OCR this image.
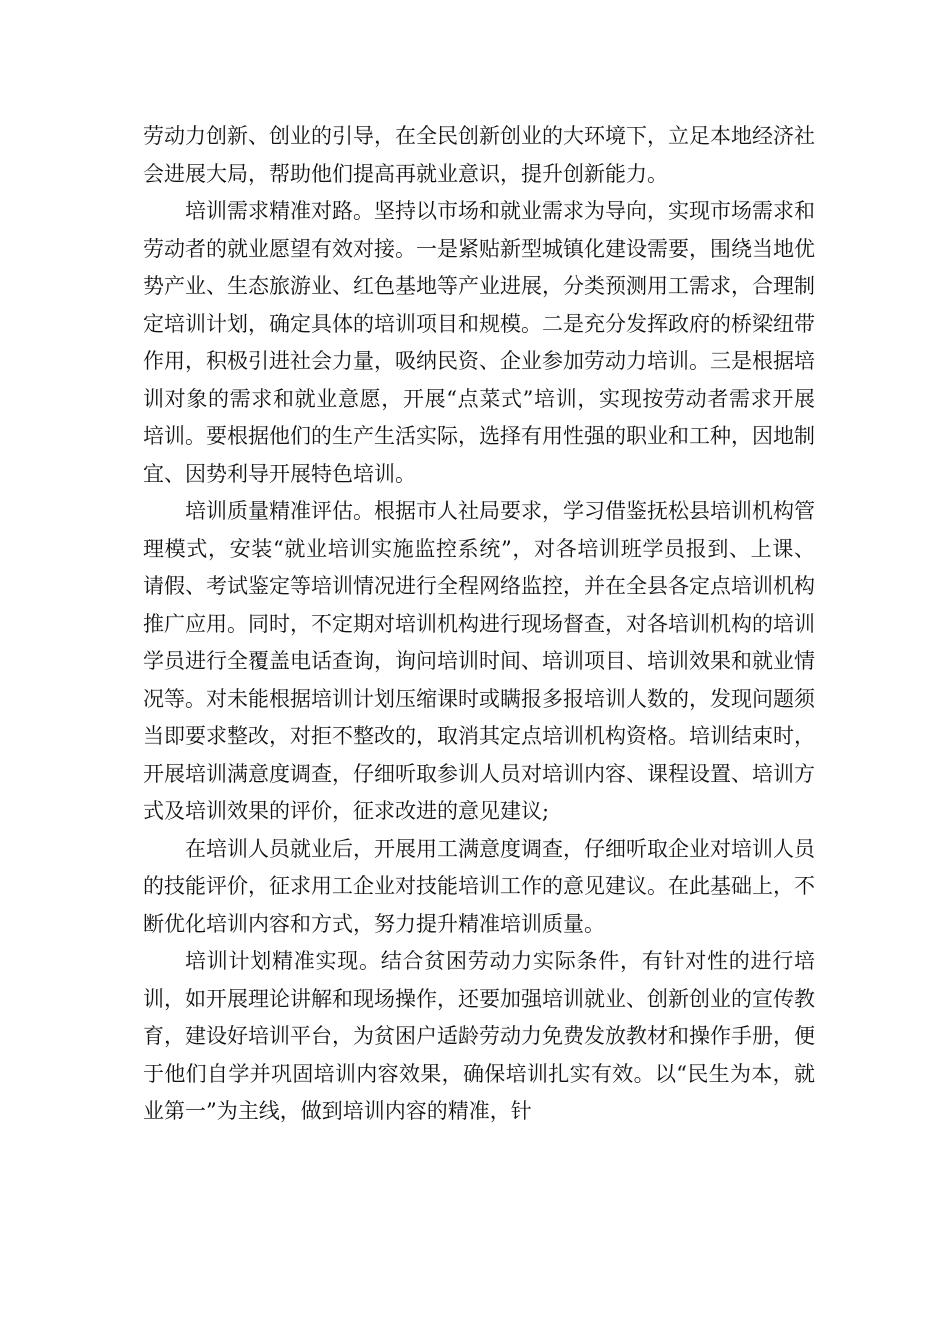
劳动力创新、创业的引导，在全民创新创业的大环境下，立足本地经济社会进展大局，帮助他们提高再就业意识，提升创新能力。

培训需求精准对路。坚持以市场和就业需求为导向，实现市场需求和劳动者的就业愿望有效对接。一是紧贴新型城镇化建设需要，围绕当地优势产业、生态旅游业、红色基地等产业进展，分类预测用工需求，合理制定培训计划，确定具体的培训项目和规模。二是充分发挥政府的桥梁纽带作用，积极引进社会力量，吸纳民资、企业参加劳动力培训。三是根据培训对象的需求和就业意愿，开展“点菜式”培训，实现按劳动者需求开展培训。要根据他们的生产生活实际，选择有用性强的职业和工种，因地制宜、因势利导开展特色培训。

培训质量精准评估。根据市人社局要求，学习借鉴抚松县培训机构管理模式，安装“就业培训实施监控系统”，对各培训班学员报到、上课、请假、考试鉴定等培训情况进行全程网络监控，并在全县各定点培训机构推广应用。同时，不定期对培训机构进行现场督查，对各培训机构的培训学员进行全覆盖电话查询，询问培训时间、培训项目、培训效果和就业情况等。对未能根据培训计划压缩课时或瞒报多报培训人数的，发现问题须当即要求整改，对拒不整改的，取消其定点培训机构资格。培训结束时，开展培训满意度调查，仔细听取参训人员对培训内容、课程设置、培训方式及培训效果的评价，征求改进的意见建议;

在培训人员就业后，开展用工满意度调查，仔细听取企业对培训人员的技能评价，征求用工企业对技能培训工作的意见建议。在此基础上，不断优化培训内容和方式，努力提升精准培训质量。

培训计划精准实现。结合贫困劳动力实际条件，有针对性的进行培训，如开展理论讲解和现场操作，还要加强培训就业、创新创业的宣传教育，建设好培训平台，为贫困户适龄劳动力免费发放教材和操作手册，便于他们自学并巩固培训内容效果，确保培训扎实有效。以“民生为本，就业第一”为主线，做到培训内容的精准，针
